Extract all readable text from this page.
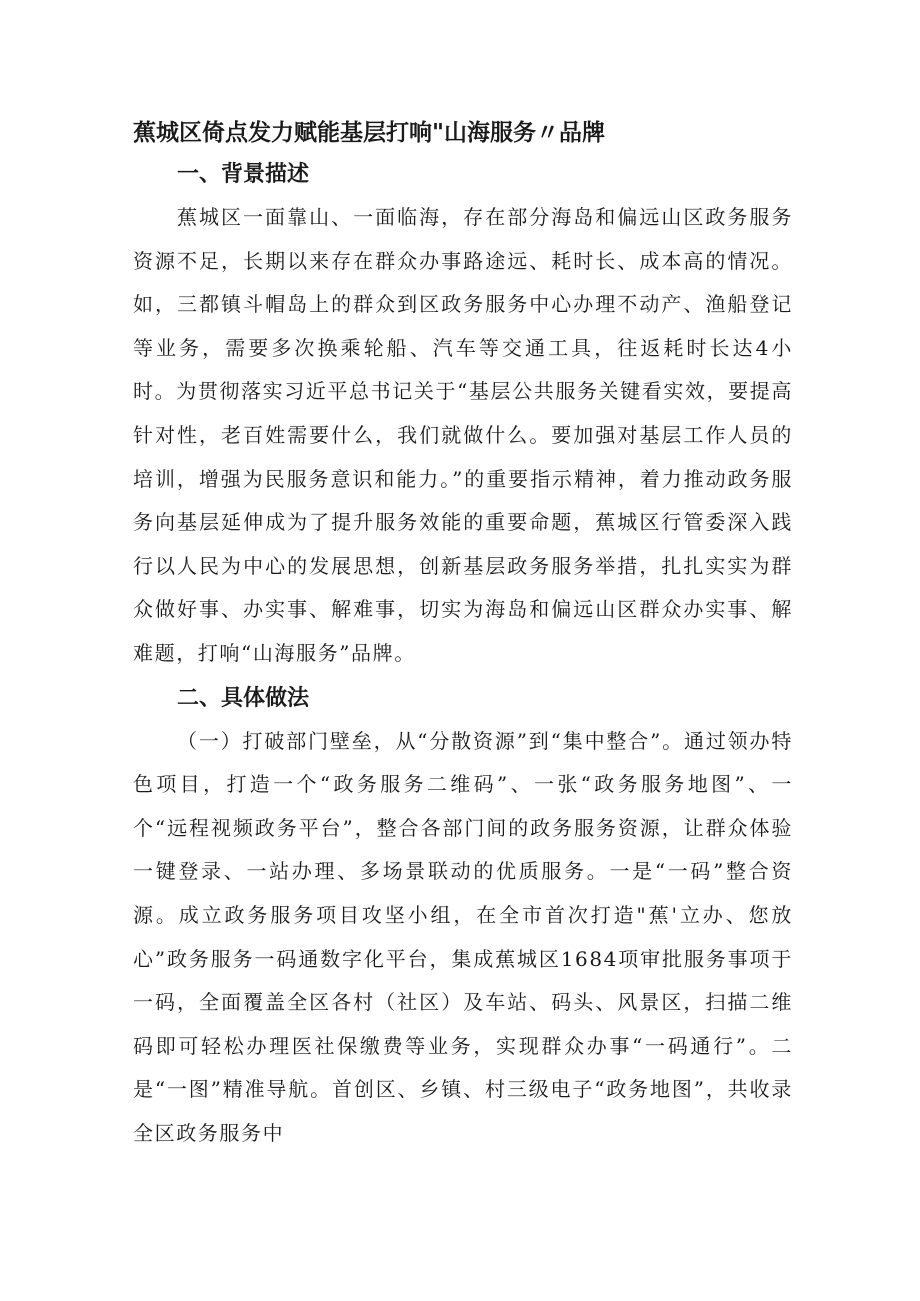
蕉城区倚点发力赋能基层打响"山海服务〃品牌
一、背景描述

蕉城区一面靠山、一面临海，存在部分海岛和偏远山区政务服务资源不足，长期以来存在群众办事路途远、耗时长、成本高的情况。如，三都镇斗帽岛上的群众到区政务服务中心办理不动产、渔船登记等业务，需要多次换乘轮船、汽车等交通工具，往返耗时长达4小时。为贯彻落实习近平总书记关于“基层公共服务关键看实效，要提高针对性，老百姓需要什么，我们就做什么。要加强对基层工作人员的培训，增强为民服务意识和能力。”的重要指示精神，着力推动政务服务向基层延伸成为了提升服务效能的重要命题，蕉城区行管委深入践行以人民为中心的发展思想，创新基层政务服务举措，扎扎实实为群众做好事、办实事、解难事，切实为海岛和偏远山区群众办实事、解难题，打响“山海服务”品牌。

二、具体做法

（一）打破部门壁垒，从“分散资源”到“集中整合”。通过领办特色项目，打造一个“政务服务二维码”、一张“政务服务地图”、一个“远程视频政务平台”，整合各部门间的政务服务资源，让群众体验一键登录、一站办理、多场景联动的优质服务。一是“一码”整合资源。成立政务服务项目攻坚小组，在全市首次打造"蕉'立办、您放心”政务服务一码通数字化平台，集成蕉城区1684项审批服务事项于一码，全面覆盖全区各村（社区）及车站、码头、风景区，扫描二维码即可轻松办理医社保缴费等业务，实现群众办事“一码通行”。二是“一图”精准导航。首创区、乡镇、村三级电子“政务地图”，共收录全区政务服务中
